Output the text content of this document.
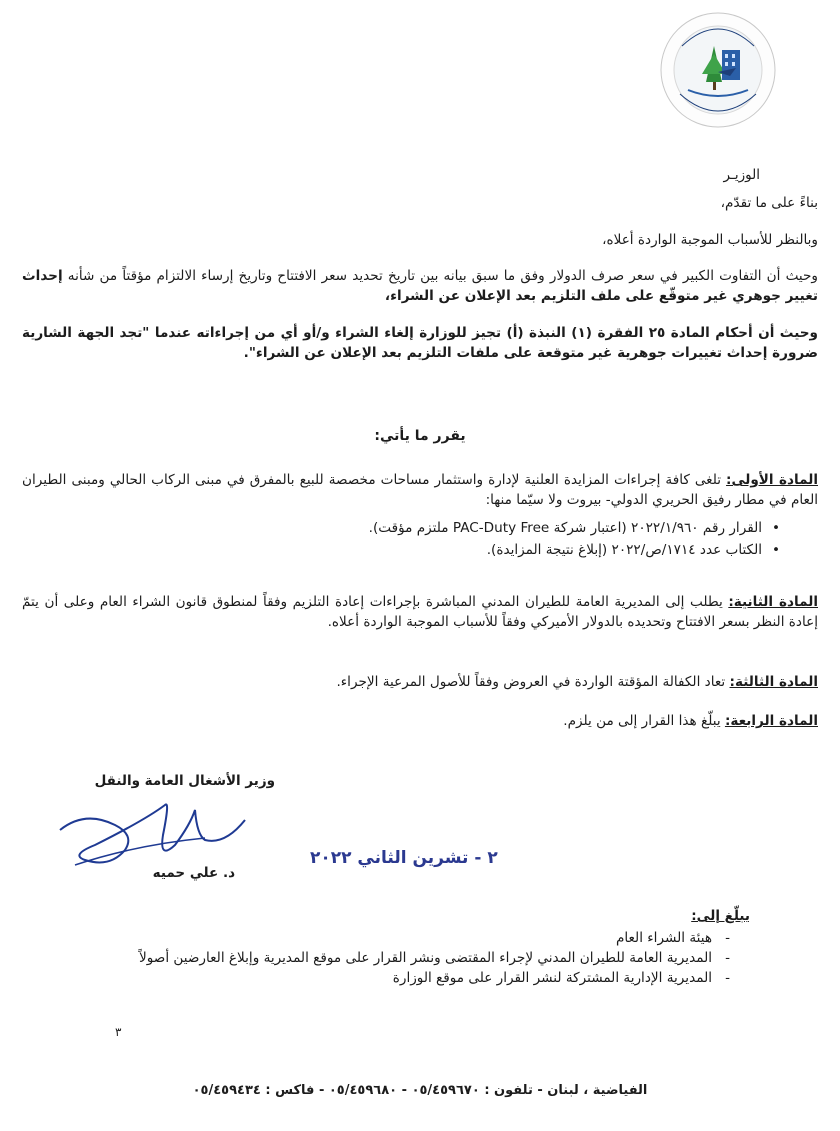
الوزيـر
بناءً على ما تقدّم،
وبالنظر للأسباب الموجبة الواردة أعلاه،
وحيث أن التفاوت الكبير في سعر صرف الدولار وفق ما سبق بيانه بين تاريخ تحديد سعر الافتتاح وتاريخ إرساء الالتزام مؤقتاً من شأنه إحداث تغيير جوهري غير متوقّع على ملف التلزيم بعد الإعلان عن الشراء،
وحيث أن أحكام المادة ٢٥ الفقرة (١) النبذة (أ) تجيز للوزارة إلغاء الشراء و/أو أي من إجراءاته عندما "تجد الجهة الشارية ضرورة إحداث تغييرات جوهرية غير متوقعة على ملفات التلزيم بعد الإعلان عن الشراء".
يقرر ما يأتي:
المادة الأولى: تلغى كافة إجراءات المزايدة العلنية لإدارة واستثمار مساحات مخصصة للبيع بالمفرق في مبنى الركاب الحالي ومبنى الطيران العام في مطار رفيق الحريري الدولي- بيروت ولا سيّما منها:
• القرار رقم ٢٠٢٢/١/٩٦٠ (اعتبار شركة PAC-Duty Free ملتزم مؤقت).
• الكتاب عدد ١٧١٤/ص/٢٠٢٢ (إبلاغ نتيجة المزايدة).
المادة الثانية: يطلب إلى المديرية العامة للطيران المدني المباشرة بإجراءات إعادة التلزيم وفقاً لمنطوق قانون الشراء العام وعلى أن يتمّ إعادة النظر بسعر الافتتاح وتحديده بالدولار الأميركي وفقاً للأسباب الموجبة الواردة أعلاه.
المادة الثالثة: تعاد الكفالة المؤقتة الواردة في العروض وفقاً للأصول المرعية الإجراء.
المادة الرابعة: يبلّغ هذا القرار إلى من يلزم.
وزير الأشغال العامة والنقل
د. علي حميه
٢ - تشرين الثاني ٢٠٢٢
يبلّغ إلى:
- هيئة الشراء العام
- المديرية العامة للطيران المدني لإجراء المقتضى ونشر القرار على موقع المديرية وإبلاغ العارضين أصولاً
- المديرية الإدارية المشتركة لنشر القرار على موقع الوزارة
٣
الفياضية ، لبنان - تلفون : ٠٥/٤٥٩٦٧٠ - ٠٥/٤٥٩٦٨٠ - فاكس : ٠٥/٤٥٩٤٣٤
